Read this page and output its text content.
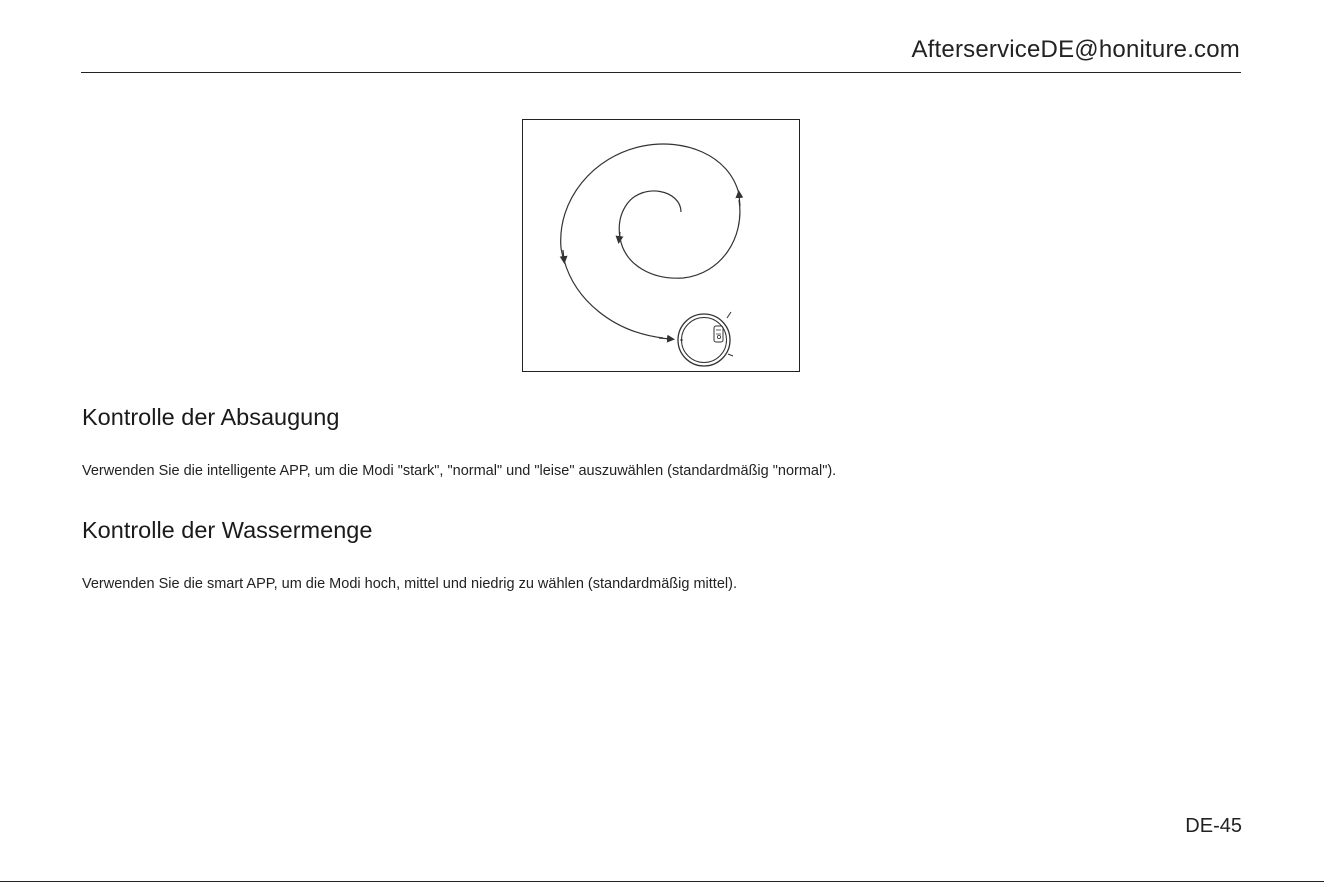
AfterserviceDE@honiture.com
Kontrolle der Absaugung

Verwenden Sie die intelligente APP, um die Modi "stark", "normal" und "leise" auszuwählen (standardmäßig "normal").

Kontrolle der Wassermenge

Verwenden Sie die smart APP, um die Modi hoch, mittel und niedrig zu wählen (standardmäßig mittel).

DE-45
